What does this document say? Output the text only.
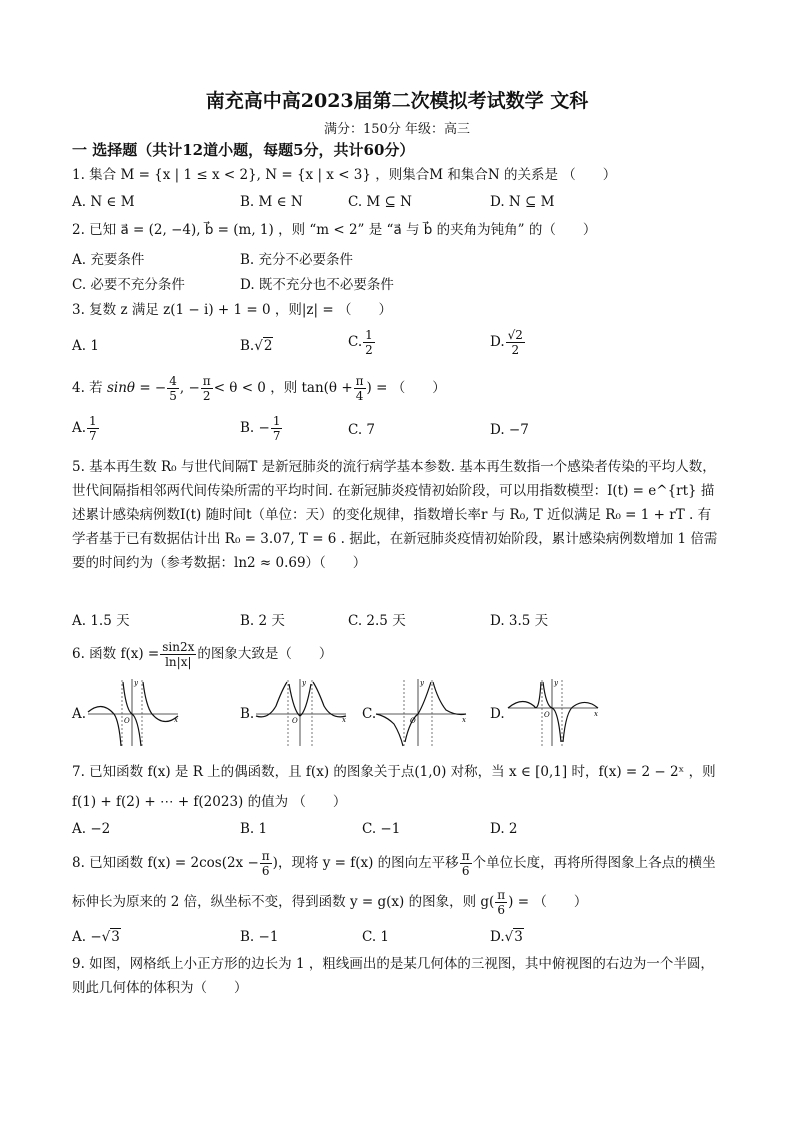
南充高中高2023届第二次模拟考试数学 文科
满分：150分 年级：高三
一 选择题（共计12道小题，每题5分，共计60分）
1. 集合 M = {x | 1 ≤ x < 2}, N = {x | x < 3} ，则集合M 和集合N 的关系是 （　　）
A. N ∈ M	B. M ∈ N	C. M ⊆ N	D. N ⊆ M
2. 已知 a⃗ = (2, −4), b⃗ = (m, 1) ，则 “m < 2” 是 “a⃗ 与 b⃗ 的夹角为钝角” 的（　　）
A. 充要条件	B. 充分不必要条件
C. 必要不充分条件	D. 既不充分也不必要条件
3. 复数 z 满足 z(1 − i) + 1 = 0 ，则|z| = （　　）
A. 1	B.√2	C. $\frac{1}{2}$	D. $\frac{√2}{2}$
4. 若 sinθ = − $\frac{4}{5}$ , − $\frac{\pi}{2} < \theta < 0$ ，则 $\tan(\theta + \frac{\pi}{4}$ ) = （　　）
A. $\frac{1}{7}$	B. − $\frac{1}{7}$	C. 7	D. −7
5. 基本再生数 R₀ 与世代间隔T 是新冠肺炎的流行病学基本参数. 基本再生数指一个感染者传染的平均人数，世代间隔指相邻两代间传染所需的平均时间. 在新冠肺炎疫情初始阶段，可以用指数模型：I(t) = e^{rt} 描述累计感染病例数I(t) 随时间t（单位：天）的变化规律，指数增长率r 与 R₀, T 近似满足 R₀ = 1 + rT . 有学者基于已有数据估计出 R₀ = 3.07, T = 6 . 据此，在新冠肺炎疫情初始阶段，累计感染病例数增加 1 倍需要的时间约为（参考数据：ln2 ≈ 0.69）（　　）
A. 1.5 天	B. 2 天	C. 2.5 天	D. 3.5 天
6. 函数 $f(x) = \frac{\sin 2x}{\ln|x|}$ 的图象大致是（　　）
A.	B.	C.	D.
x
y
O	x
y
O	x
y
O
x
y
O
7. 已知函数 f(x) 是 R 上的偶函数，且 f(x) 的图象关于点(1,0) 对称，当 x ∈ [0,1] 时，f(x) = 2 − 2ˣ ，则
f(1) + f(2) + ⋯ + f(2023) 的值为 （　　）
A. −2	B. 1	C. −1	D. 2
8. 已知函数 $f(x) = 2\cos(2x - \frac{\pi}{6}$ )，现将 y = f(x) 的图向左平移 $\frac{\pi}{6}$ 个单位长度，再将所得图象上各点的横坐
标伸长为原来的 2 倍，纵坐标不变，得到函数 y = g(x) 的图象，则 $g( \frac{\pi}{6}$ ) = （　　）
A. −√3	B. −1	C. 1	D.√3
9. 如图，网格纸上小正方形的边长为 1 ，粗线画出的是某几何体的三视图，其中俯视图的右边为一个半圆，则此几何体的体积为（　　）
